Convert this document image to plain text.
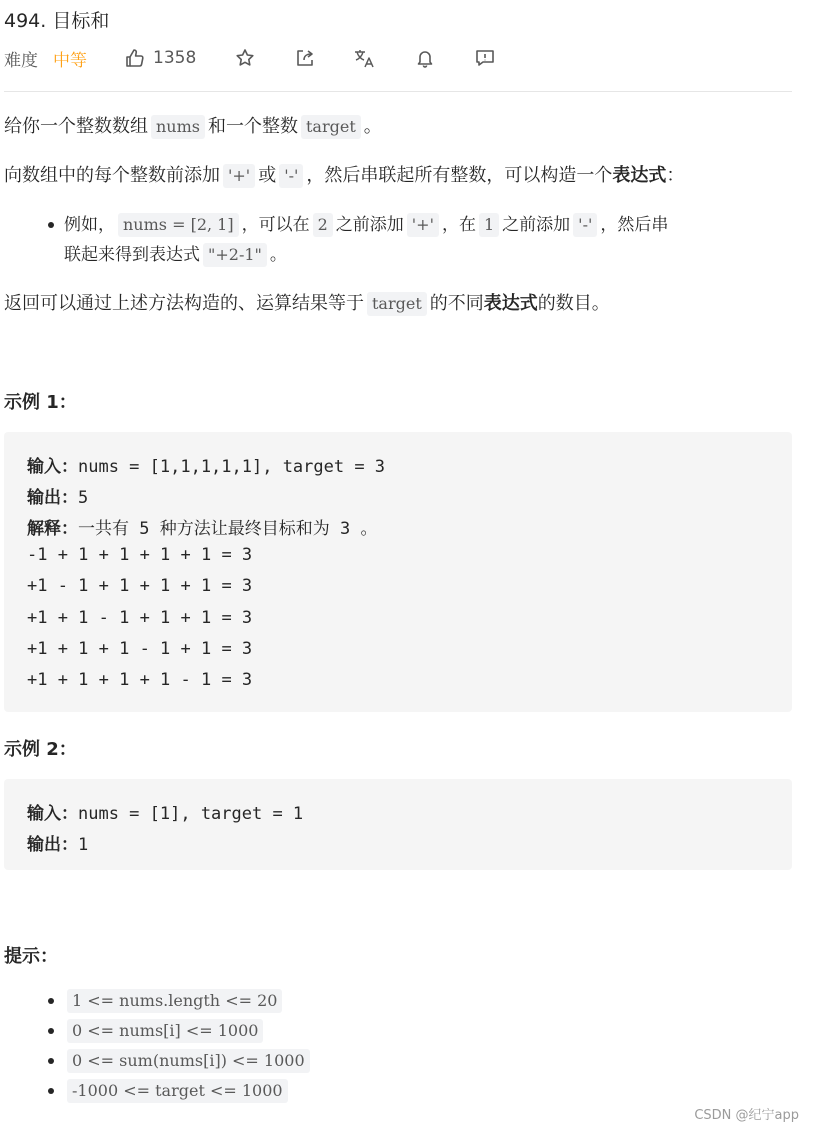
494. 目标和
难度 中等	1358
给你一个整数数组 nums 和一个整数 target 。
向数组中的每个整数前添加 '+' 或 '-' ，然后串联起所有整数，可以构造一个表达式：
例如， nums = [2, 1] ，可以在 2 之前添加 '+' ，在 1 之前添加 '-' ，然后串
联起来得到表达式 "+2-1" 。
返回可以通过上述方法构造的、运算结果等于 target 的不同表达式的数目。
示例 1：
输入：nums = [1,1,1,1,1], target = 3
输出：5
解释：一共有 5 种方法让最终目标和为 3 。
-1 + 1 + 1 + 1 + 1 = 3
+1 - 1 + 1 + 1 + 1 = 3
+1 + 1 - 1 + 1 + 1 = 3
+1 + 1 + 1 - 1 + 1 = 3
+1 + 1 + 1 + 1 - 1 = 3
示例 2：
输入：nums = [1], target = 1
输出：1
提示：
1 <= nums.length <= 20
0 <= nums[i] <= 1000
0 <= sum(nums[i]) <= 1000
-1000 <= target <= 1000
CSDN @纪宁app
